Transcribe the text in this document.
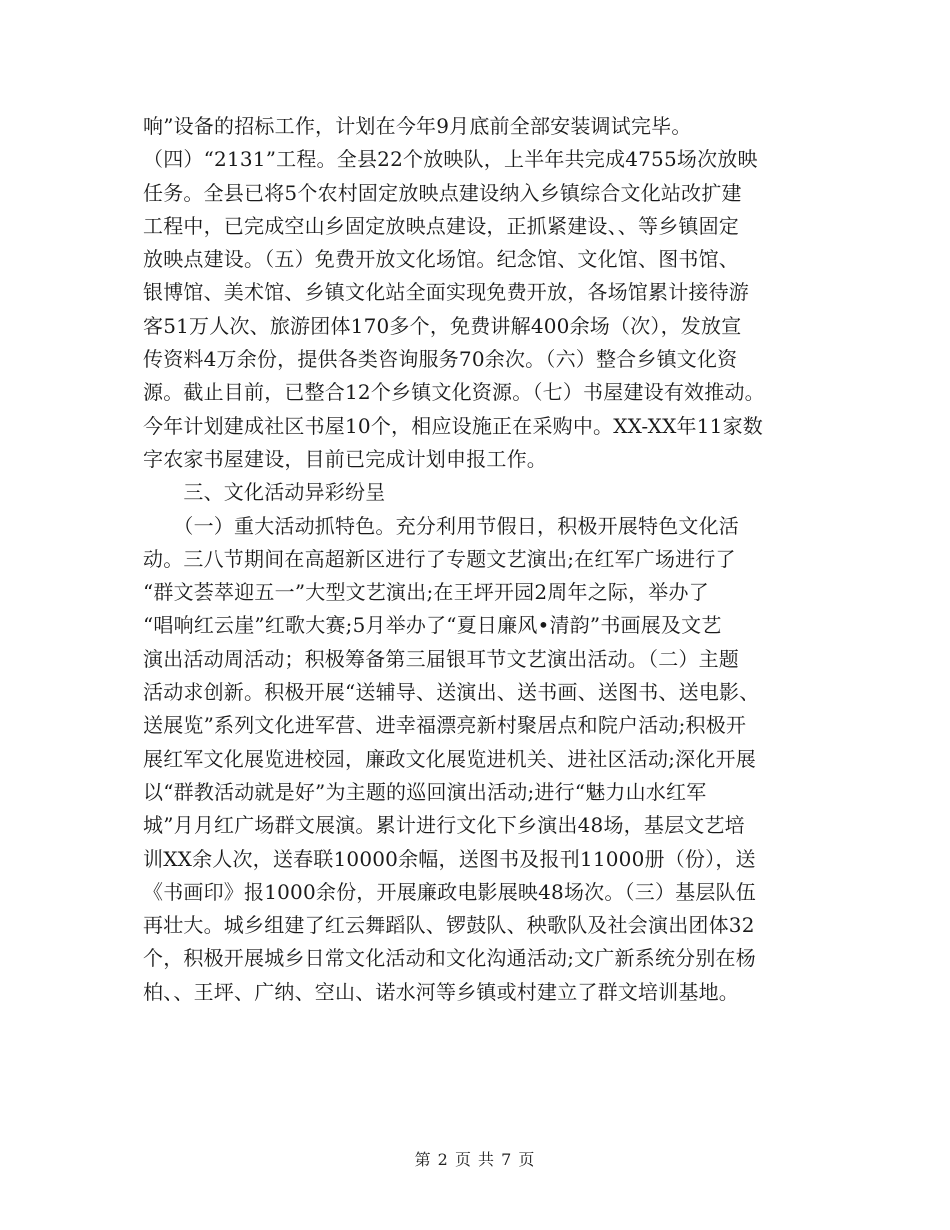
响”设备的招标工作，计划在今年9月底前全部安装调试完毕。
（四）“2131”工程。全县22个放映队，上半年共完成4755场次放映
任务。全县已将5个农村固定放映点建设纳入乡镇综合文化站改扩建
工程中，已完成空山乡固定放映点建设，正抓紧建设、、等乡镇固定
放映点建设。（五）免费开放文化场馆。纪念馆、文化馆、图书馆、
银博馆、美术馆、乡镇文化站全面实现免费开放，各场馆累计接待游
客51万人次、旅游团体170多个，免费讲解400余场（次），发放宣
传资料4万余份，提供各类咨询服务70余次。（六）整合乡镇文化资
源。截止目前，已整合12个乡镇文化资源。（七）书屋建设有效推动。
今年计划建成社区书屋10个，相应设施正在采购中。XX-XX年11家数
字农家书屋建设，目前已完成计划申报工作。
　　三、文化活动异彩纷呈
　　（一）重大活动抓特色。充分利用节假日，积极开展特色文化活
动。三八节期间在高超新区进行了专题文艺演出;在红军广场进行了
“群文荟萃迎五一”大型文艺演出;在王坪开园2周年之际，举办了
“唱响红云崖”红歌大赛;5月举办了“夏日廉风•清韵”书画展及文艺
演出活动周活动；积极筹备第三届银耳节文艺演出活动。（二）主题
活动求创新。积极开展“送辅导、送演出、送书画、送图书、送电影、
送展览”系列文化进军营、进幸福漂亮新村聚居点和院户活动;积极开
展红军文化展览进校园，廉政文化展览进机关、进社区活动;深化开展
以“群教活动就是好”为主题的巡回演出活动;进行“魅力山水红军
城”月月红广场群文展演。累计进行文化下乡演出48场，基层文艺培
训XX余人次，送春联10000余幅，送图书及报刊11000册（份），送
《书画印》报1000余份，开展廉政电影展映48场次。（三）基层队伍
再壮大。城乡组建了红云舞蹈队、锣鼓队、秧歌队及社会演出团体32
个，积极开展城乡日常文化活动和文化沟通活动;文广新系统分别在杨
柏、、王坪、广纳、空山、诺水河等乡镇或村建立了群文培训基地。
第 2 页 共 7 页
